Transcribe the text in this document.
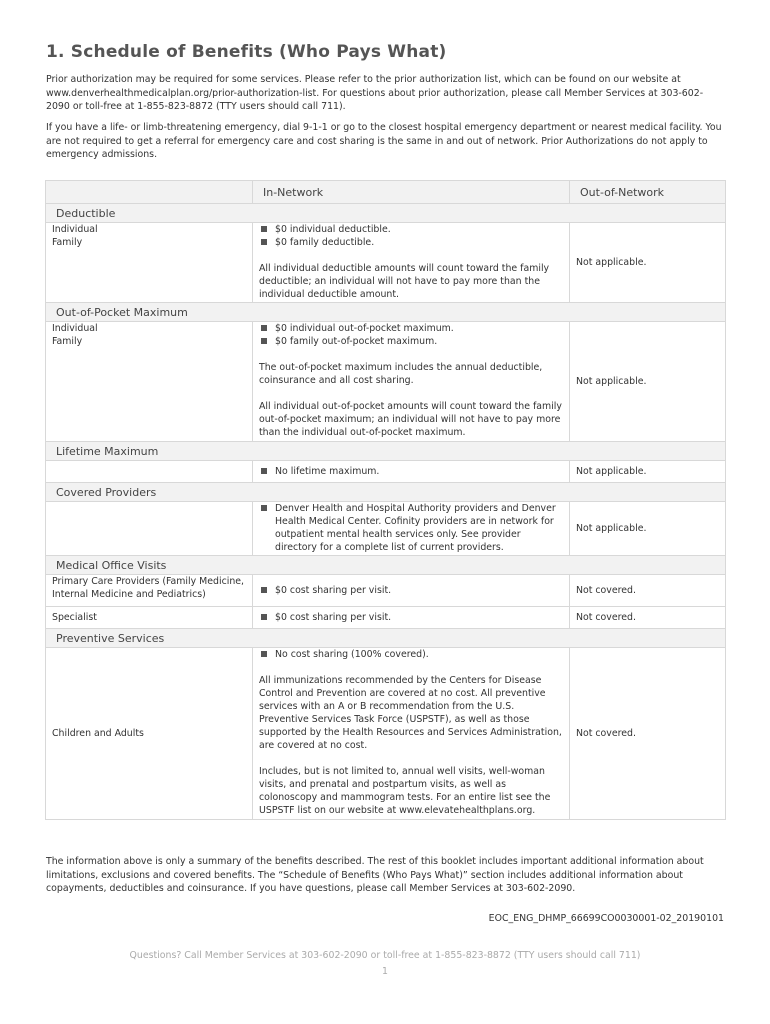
1. Schedule of Benefits (Who Pays What)

Prior authorization may be required for some services. Please refer to the prior authorization list, which can be found on our website at www.denverhealthmedicalplan.org/prior-authorization-list. For questions about prior authorization, please call Member Services at 303-602-2090 or toll-free at 1-855-823-8872 (TTY users should call 711).

If you have a life- or limb-threatening emergency, dial 9-1-1 or go to the closest hospital emergency department or nearest medical facility. You are not required to get a referral for emergency care and cost sharing is the same in and out of network. Prior Authorizations do not apply to emergency admissions.

	In-Network	Out-of-Network
Deductible		

Individual
Family	$0 individual deductible.
$0 family deductible.
All individual deductible amounts will count toward the family deductible; an individual will not have to pay more than the individual deductible amount.	Not applicable.
Out-of-Pocket Maximum		

Individual
Family	$0 individual out-of-pocket maximum.
$0 family out-of-pocket maximum.
The out-of-pocket maximum includes the annual deductible, coinsurance and all cost sharing.
All individual out-of-pocket amounts will count toward the family out-of-pocket maximum; an individual will not have to pay more than the individual out-of-pocket maximum.	Not applicable.
Lifetime Maximum		

	No lifetime maximum.	Not applicable.
Covered Providers		

	Denver Health and Hospital Authority providers and Denver Health Medical Center. Cofinity providers are in network for outpatient mental health services only. See provider directory for a complete list of current providers.	Not applicable.
Medical Office Visits		
Primary Care Providers (Family Medicine, Internal Medicine and Pediatrics)	$0 cost sharing per visit.	Not covered.
Specialist	$0 cost sharing per visit.	Not covered.
Preventive Services		
Children and Adults	No cost sharing (100% covered).
All immunizations recommended by the Centers for Disease Control and Prevention are covered at no cost. All preventive services with an A or B recommendation from the U.S. Preventive Services Task Force (USPSTF), as well as those supported by the Health Resources and Services Administration, are covered at no cost.
Includes, but is not limited to, annual well visits, well-woman visits, and prenatal and postpartum visits, as well as colonoscopy and mammogram tests. For an entire list see the USPSTF list on our website at www.elevatehealthplans.org.	Not covered.

The information above is only a summary of the benefits described. The rest of this booklet includes important additional information about limitations, exclusions and covered benefits. The “Schedule of Benefits (Who Pays What)” section includes additional information about copayments, deductibles and coinsurance. If you have questions, please call Member Services at 303-602-2090.

EOC_ENG_DHMP_66699CO0030001-02_20190101
Questions? Call Member Services at 303-602-2090 or toll-free at 1-855-823-8872 (TTY users should call 711)
1
